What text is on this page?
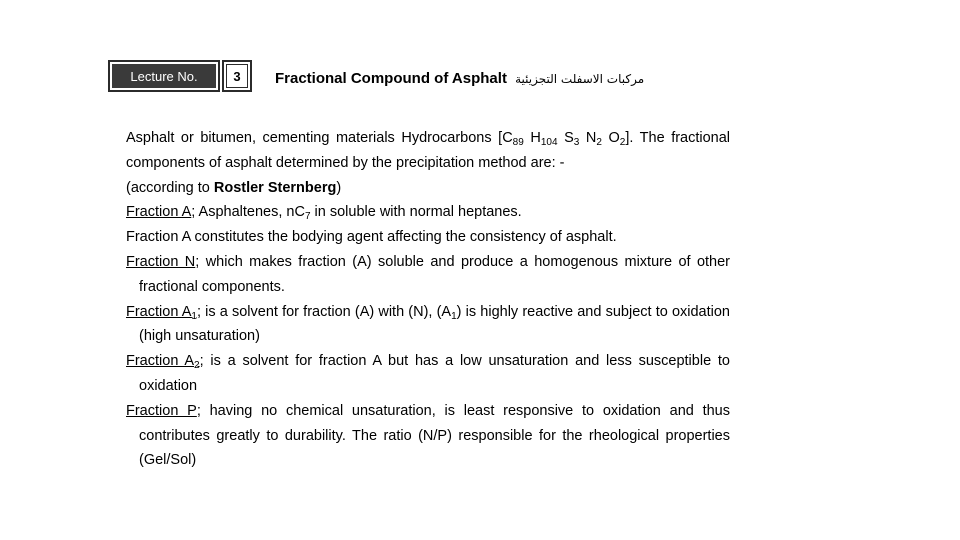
Lecture No.	3	Fractional Compound of Asphalt مركبات الاسفلت التجزيئية

Asphalt or bitumen, cementing materials Hydrocarbons [$C_{89}$ $H_{104}$ $S_3$ $N_2$ $O_2$]. The fractional components of asphalt determined by the precipitation method are: -

(according to Rostler Sternberg)

Fraction A; Asphaltenes, $nC_7$ in soluble with normal heptanes.

Fraction A constitutes the bodying agent affecting the consistency of asphalt.

Fraction N; which makes fraction (A) soluble and produce a homogenous mixture of other fractional components.

Fraction $A_1$; is a solvent for fraction (A) with (N), $(A_1)$ is highly reactive and subject to oxidation (high unsaturation)

Fraction $A_2$; is a solvent for fraction A but has a low unsaturation and less susceptible to oxidation

Fraction P; having no chemical unsaturation, is least responsive to oxidation and thus contributes greatly to durability. The ratio (N/P) responsible for the rheological properties (Gel/Sol)
